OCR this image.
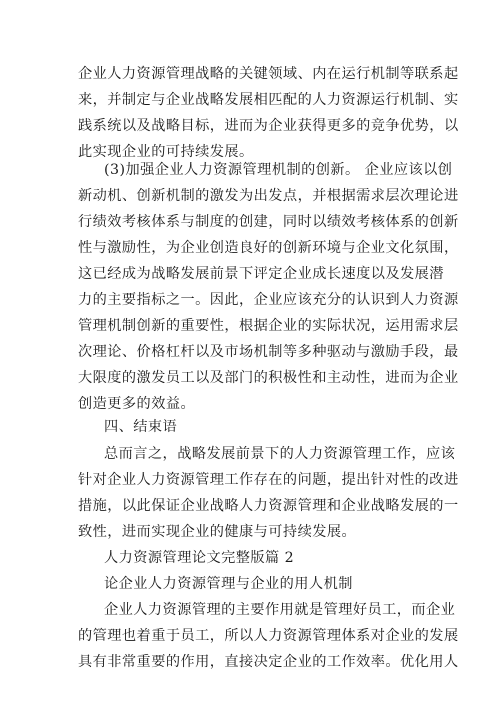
企业人力资源管理战略的关键领域、内在运行机制等联系起
来，并制定与企业战略发展相匹配的人力资源运行机制、实
践系统以及战略目标，进而为企业获得更多的竞争优势，以
此实现企业的可持续发展。
(3)加强企业人力资源管理机制的创新。 企业应该以创
新动机、创新机制的激发为出发点，并根据需求层次理论进
行绩效考核体系与制度的创建，同时以绩效考核体系的创新
性与激励性，为企业创造良好的创新环境与企业文化氛围，
这已经成为战略发展前景下评定企业成长速度以及发展潜
力的主要指标之一。因此，企业应该充分的认识到人力资源
管理机制创新的重要性，根据企业的实际状况，运用需求层
次理论、价格杠杆以及市场机制等多种驱动与激励手段，最
大限度的激发员工以及部门的积极性和主动性，进而为企业
创造更多的效益。
四、结束语
总而言之，战略发展前景下的人力资源管理工作，应该
针对企业人力资源管理工作存在的问题，提出针对性的改进
措施，以此保证企业战略人力资源管理和企业战略发展的一
致性，进而实现企业的健康与可持续发展。
人力资源管理论文完整版篇 2
论企业人力资源管理与企业的用人机制
企业人力资源管理的主要作用就是管理好员工，而企业
的管理也着重于员工，所以人力资源管理体系对企业的发展
具有非常重要的作用，直接决定企业的工作效率。优化用人
